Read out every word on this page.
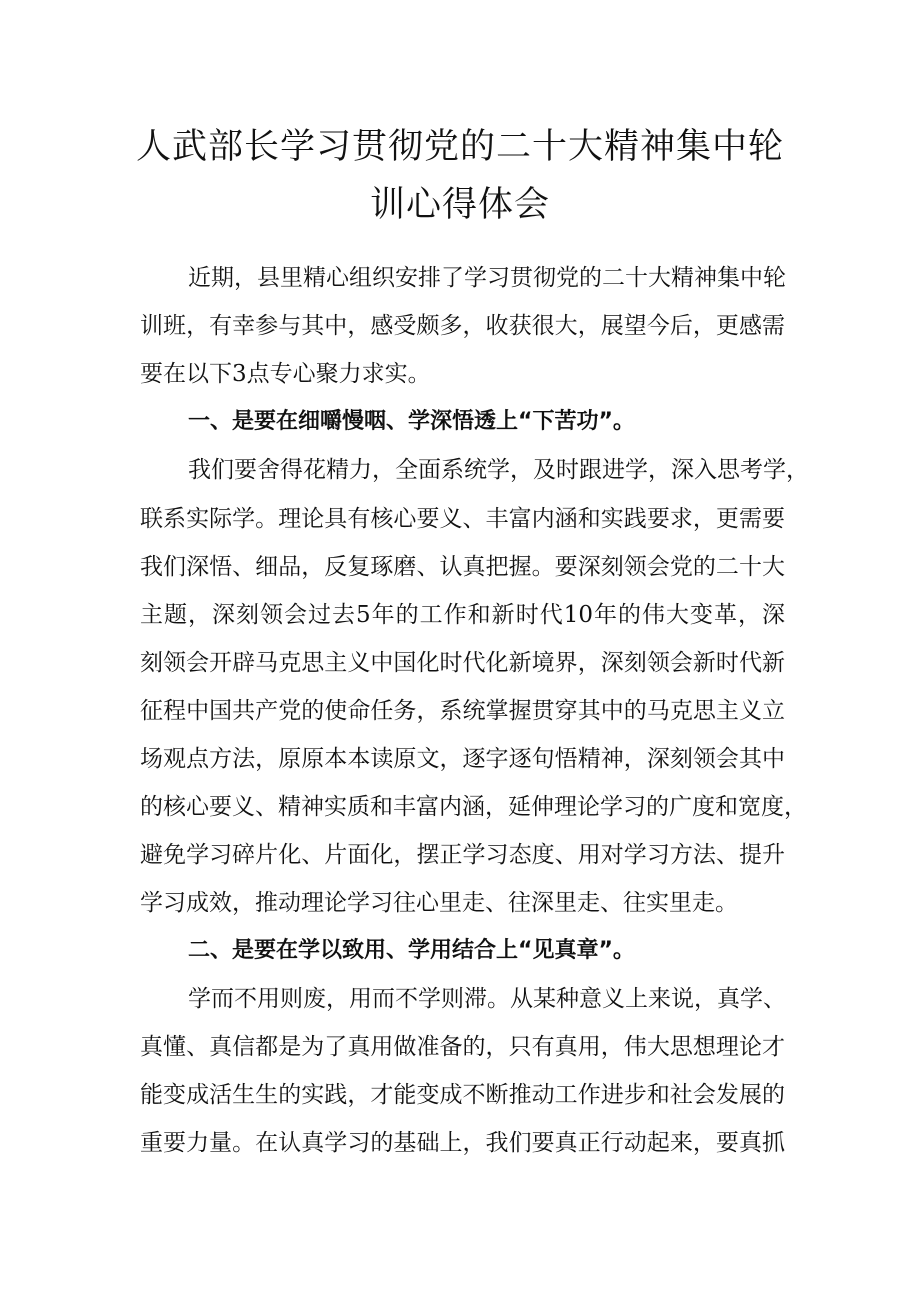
人武部长学习贯彻党的二十大精神集中轮
训心得体会
近期，县里精心组织安排了学习贯彻党的二十大精神集中轮
训班，有幸参与其中，感受颇多，收获很大，展望今后，更感需
要在以下3点专心聚力求实。
一、是要在细嚼慢咽、学深悟透上“下苦功”。
我们要舍得花精力，全面系统学，及时跟进学，深入思考学，
联系实际学。理论具有核心要义、丰富内涵和实践要求，更需要
我们深悟、细品，反复琢磨、认真把握。要深刻领会党的二十大
主题，深刻领会过去5年的工作和新时代10年的伟大变革，深
刻领会开辟马克思主义中国化时代化新境界，深刻领会新时代新
征程中国共产党的使命任务，系统掌握贯穿其中的马克思主义立
场观点方法，原原本本读原文，逐字逐句悟精神，深刻领会其中
的核心要义、精神实质和丰富内涵，延伸理论学习的广度和宽度，
避免学习碎片化、片面化，摆正学习态度、用对学习方法、提升
学习成效，推动理论学习往心里走、往深里走、往实里走。
二、是要在学以致用、学用结合上“见真章”。
学而不用则废，用而不学则滞。从某种意义上来说，真学、
真懂、真信都是为了真用做准备的，只有真用，伟大思想理论才
能变成活生生的实践，才能变成不断推动工作进步和社会发展的
重要力量。在认真学习的基础上，我们要真正行动起来，要真抓
